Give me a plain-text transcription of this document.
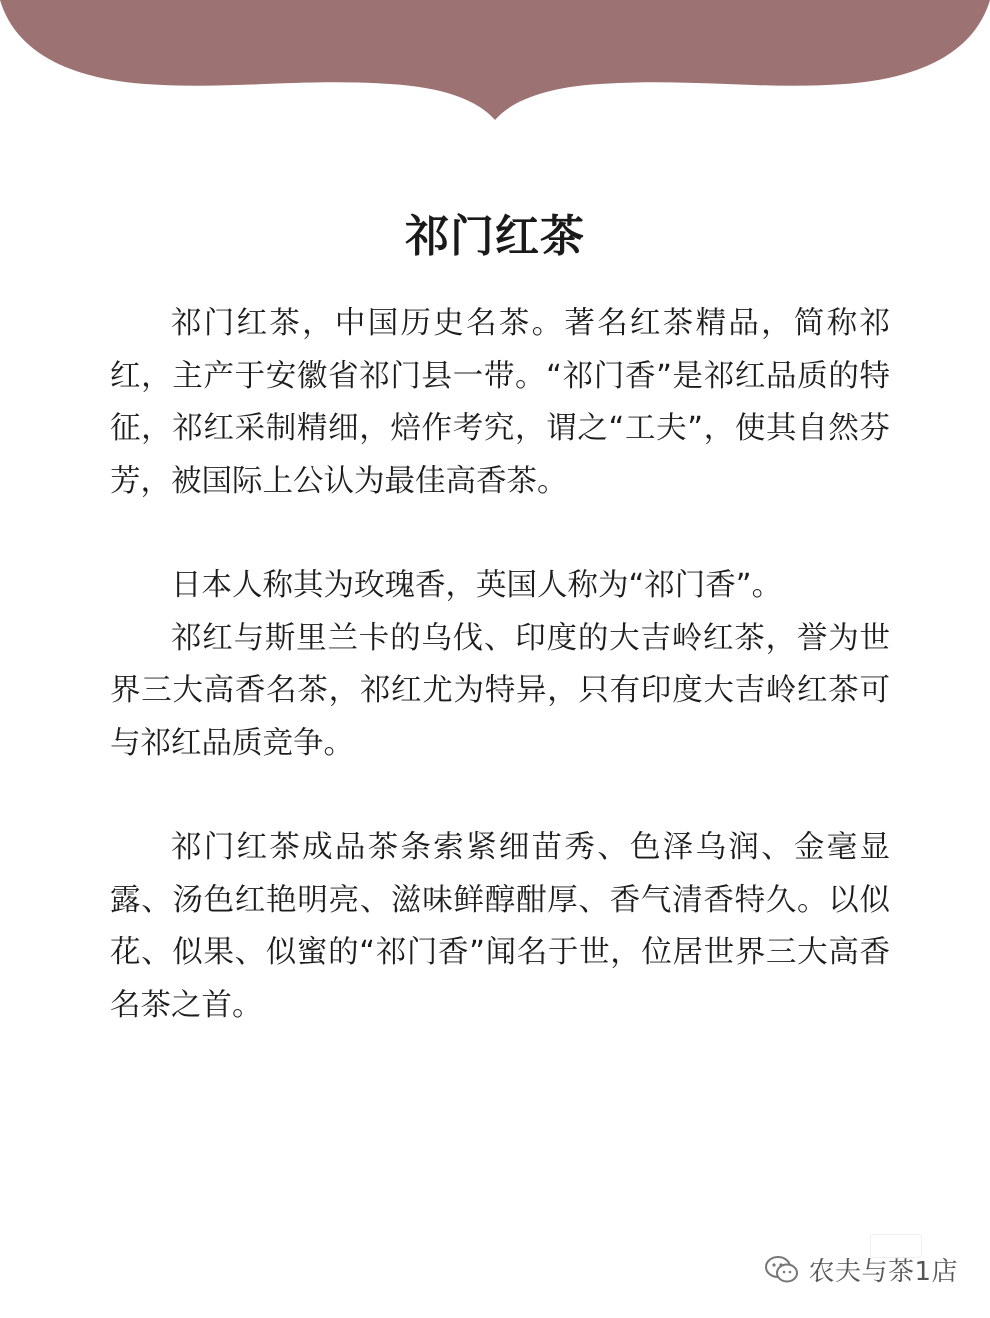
祁门红茶

祁门红茶，中国历史名茶。著名红茶精品，简称祁红，主产于安徽省祁门县一带。“祁门香”是祁红品质的特征，祁红采制精细，焙作考究，谓之“工夫”，使其自然芬芳，被国际上公认为最佳高香茶。

日本人称其为玫瑰香，英国人称为“祁门香”。

祁红与斯里兰卡的乌伐、印度的大吉岭红茶，誉为世界三大高香名茶，祁红尤为特异，只有印度大吉岭红茶可与祁红品质竞争。

祁门红茶成品茶条索紧细苗秀、色泽乌润、金毫显露、汤色红艳明亮、滋味鲜醇酣厚、香气清香特久。以似花、似果、似蜜的“祁门香”闻名于世，位居世界三大高香名茶之首。

农夫与茶1店
